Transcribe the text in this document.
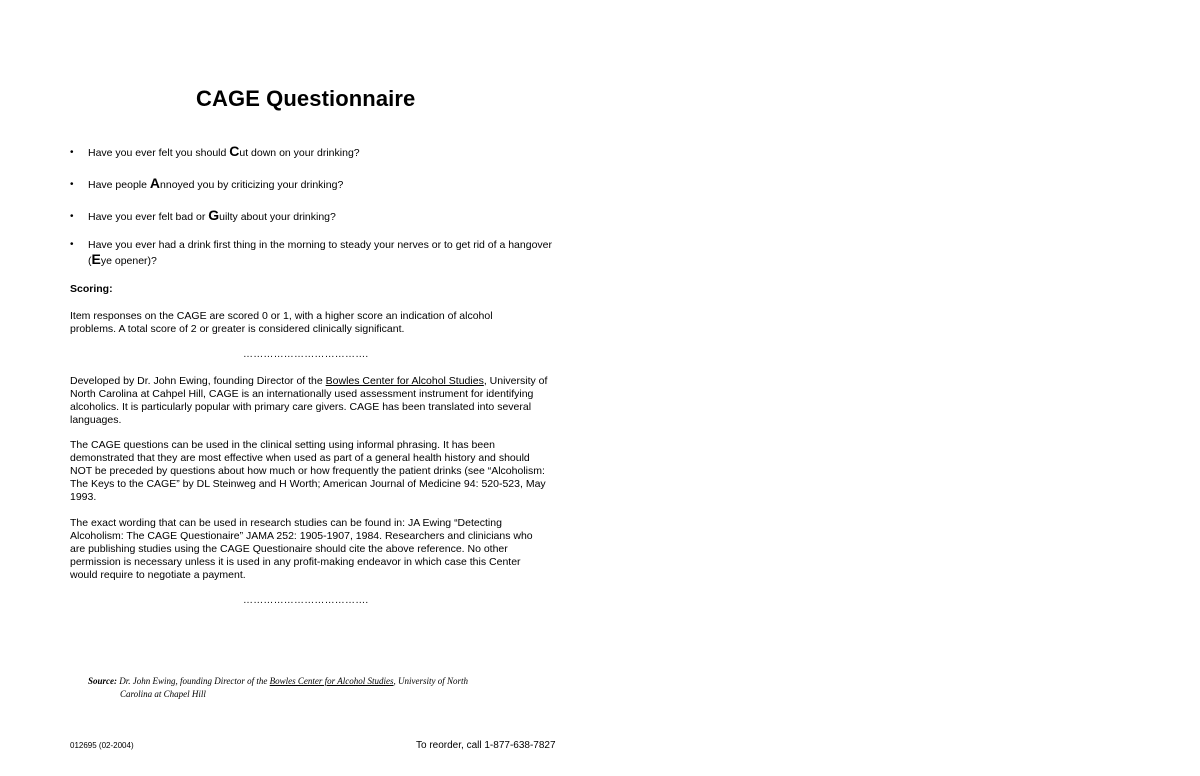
CAGE Questionnaire
• Have you ever felt you should Cut down on your drinking?
• Have people Annoyed you by criticizing your drinking?
• Have you ever felt bad or Guilty about your drinking?
• Have you ever had a drink first thing in the morning to steady your nerves or to get rid of a hangover (Eye opener)?
Scoring:
Item responses on the CAGE are scored 0 or 1, with a higher score an indication of alcohol problems. A total score of 2 or greater is considered clinically significant.
……………………………….
Developed by Dr. John Ewing, founding Director of the Bowles Center for Alcohol Studies, University of North Carolina at Cahpel Hill, CAGE is an internationally used assessment instrument for identifying alcoholics. It is particularly popular with primary care givers. CAGE has been translated into several languages.
The CAGE questions can be used in the clinical setting using informal phrasing. It has been demonstrated that they are most effective when used as part of a general health history and should NOT be preceded by questions about how much or how frequently the patient drinks (see “Alcoholism: The Keys to the CAGE” by DL Steinweg and H Worth; American Journal of Medicine 94: 520-523, May 1993.
The exact wording that can be used in research studies can be found in: JA Ewing “Detecting Alcoholism: The CAGE Questionaire” JAMA 252: 1905-1907, 1984. Researchers and clinicians who are publishing studies using the CAGE Questionaire should cite the above reference. No other permission is necessary unless it is used in any profit-making endeavor in which case this Center would require to negotiate a payment.
……………………………….
Source: Dr. John Ewing, founding Director of the Bowles Center for Alcohol Studies, University of North
Carolina at Chapel Hill
012695 (02-2004)	To reorder, call 1-877-638-7827
